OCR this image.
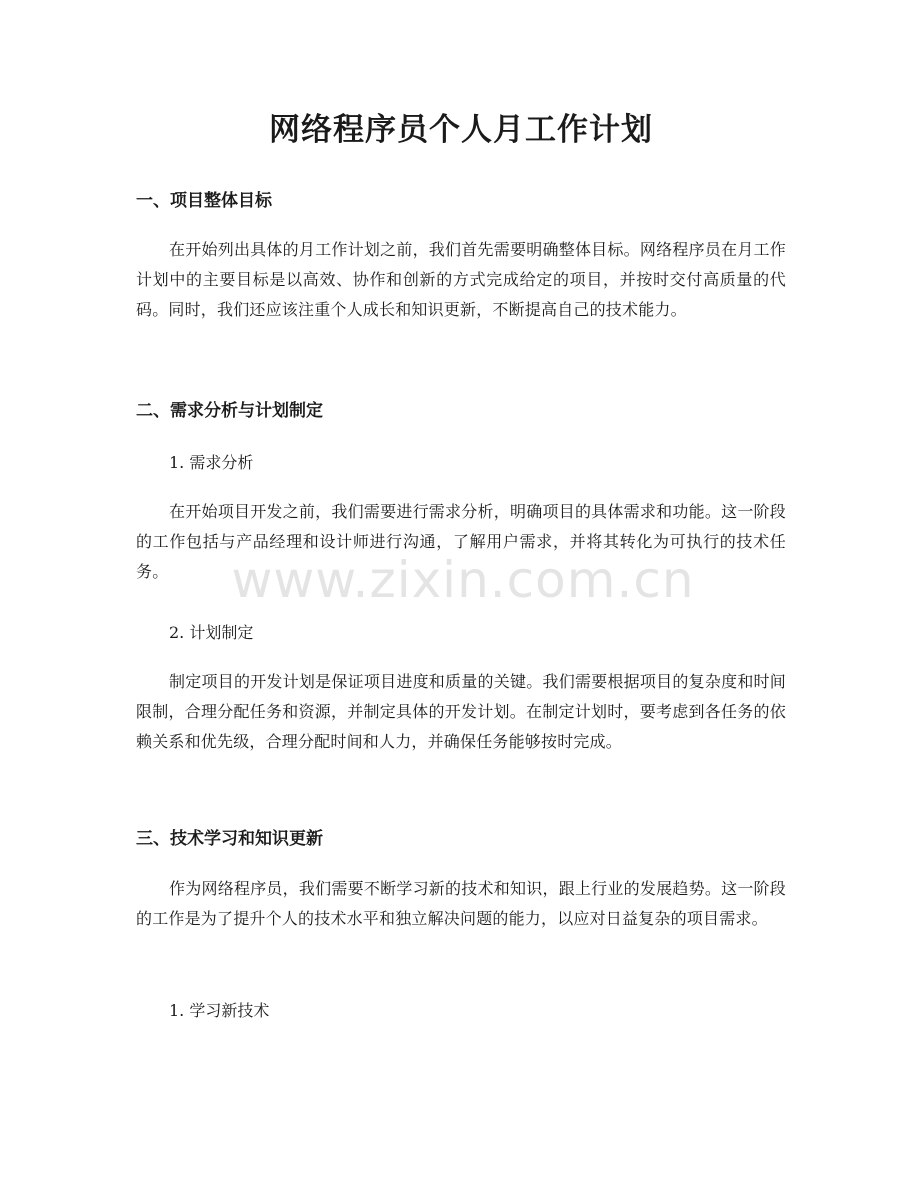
网络程序员个人月工作计划
一、项目整体目标

在开始列出具体的月工作计划之前，我们首先需要明确整体目标。网络程序员在月工作计划中的主要目标是以高效、协作和创新的方式完成给定的项目，并按时交付高质量的代码。同时，我们还应该注重个人成长和知识更新，不断提高自己的技术能力。

二、需求分析与计划制定

1. 需求分析

在开始项目开发之前，我们需要进行需求分析，明确项目的具体需求和功能。这一阶段的工作包括与产品经理和设计师进行沟通，了解用户需求，并将其转化为可执行的技术任务。

2. 计划制定

制定项目的开发计划是保证项目进度和质量的关键。我们需要根据项目的复杂度和时间限制，合理分配任务和资源，并制定具体的开发计划。在制定计划时，要考虑到各任务的依赖关系和优先级，合理分配时间和人力，并确保任务能够按时完成。

三、技术学习和知识更新

作为网络程序员，我们需要不断学习新的技术和知识，跟上行业的发展趋势。这一阶段的工作是为了提升个人的技术水平和独立解决问题的能力，以应对日益复杂的项目需求。

1. 学习新技术

www.zixin.com.cn
